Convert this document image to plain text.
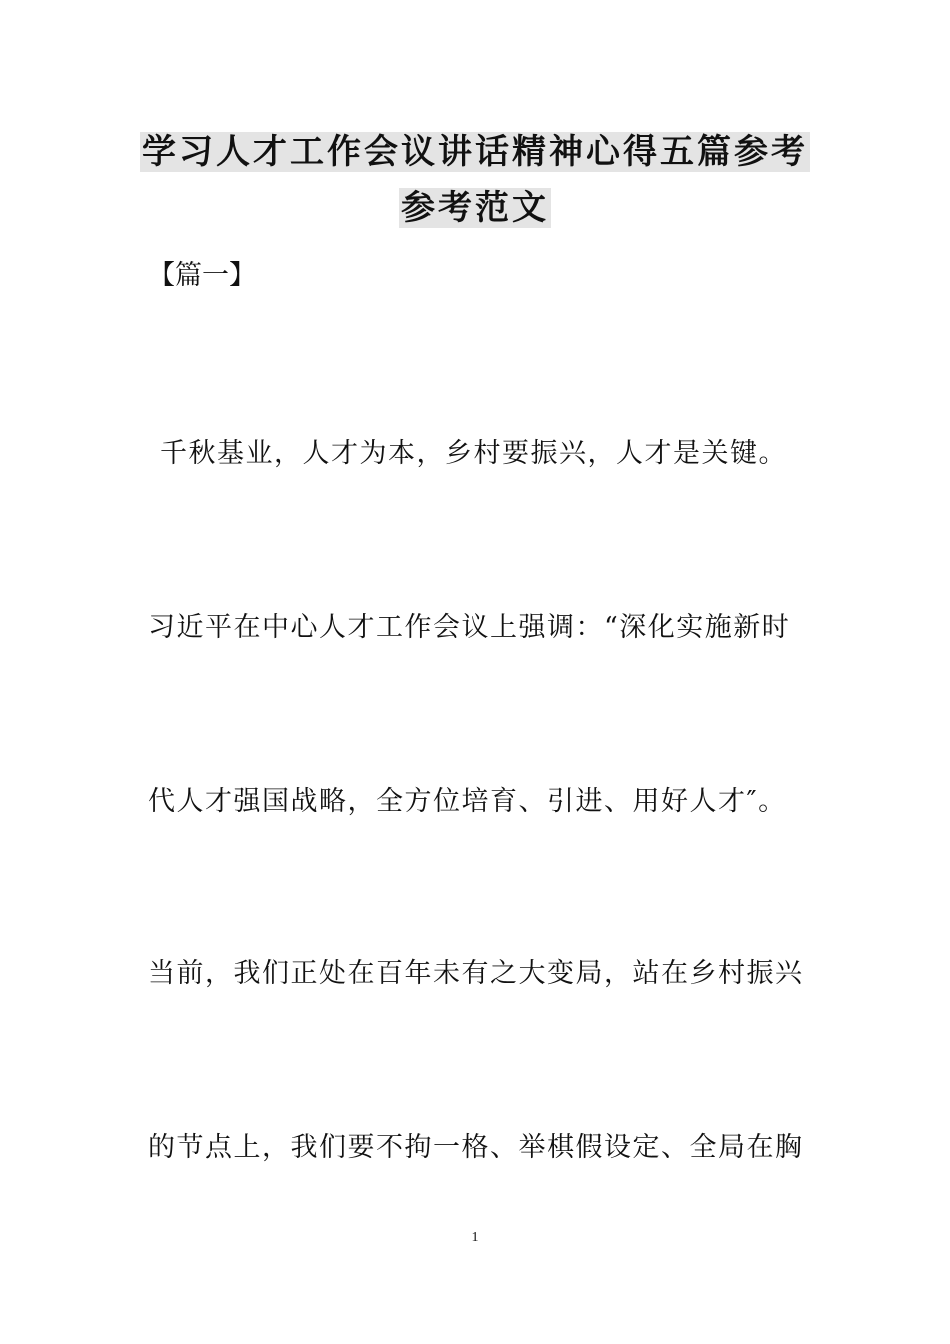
学习人才工作会议讲话精神心得五篇参考
参考范文
【篇一】
千秋基业，人才为本，乡村要振兴，人才是关键。
习近平在中心人才工作会议上强调：“深化实施新时
代人才强国战略，全方位培育、引进、用好人才″。
当前，我们正处在百年未有之大变局，站在乡村振兴
的节点上，我们要不拘一格、举棋假设定、全局在胸
1
